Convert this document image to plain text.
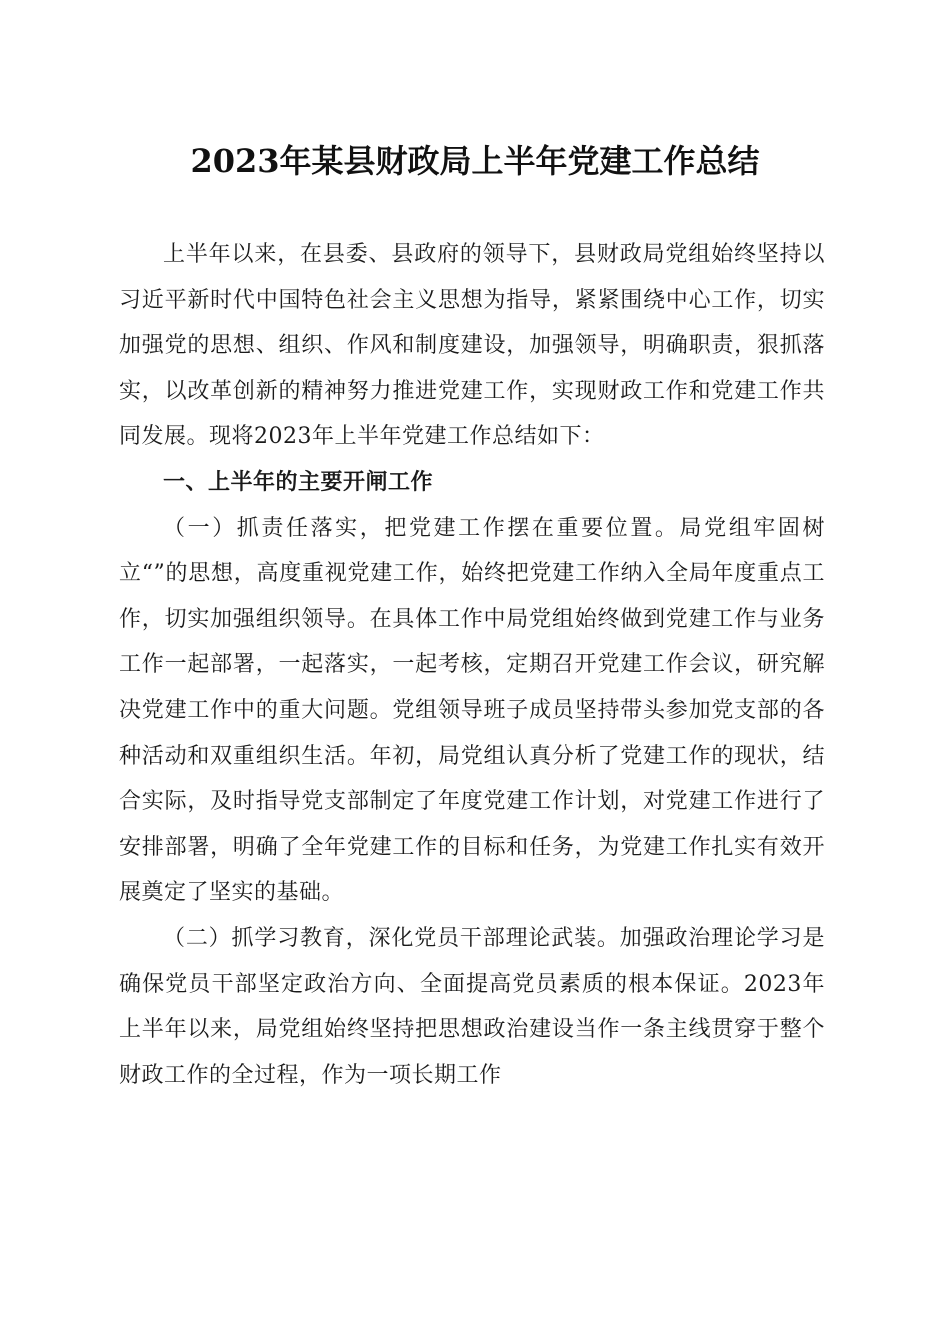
2023年某县财政局上半年党建工作总结

上半年以来，在县委、县政府的领导下，县财政局党组始终坚持以习近平新时代中国特色社会主义思想为指导，紧紧围绕中心工作，切实加强党的思想、组织、作风和制度建设，加强领导，明确职责，狠抓落实，以改革创新的精神努力推进党建工作，实现财政工作和党建工作共同发展。现将2023年上半年党建工作总结如下：

一、上半年的主要开闸工作

（一）抓责任落实，把党建工作摆在重要位置。局党组牢固树立“”的思想，高度重视党建工作，始终把党建工作纳入全局年度重点工作，切实加强组织领导。在具体工作中局党组始终做到党建工作与业务工作一起部署，一起落实，一起考核，定期召开党建工作会议，研究解决党建工作中的重大问题。党组领导班子成员坚持带头参加党支部的各种活动和双重组织生活。年初，局党组认真分析了党建工作的现状，结合实际，及时指导党支部制定了年度党建工作计划，对党建工作进行了安排部署，明确了全年党建工作的目标和任务，为党建工作扎实有效开展奠定了坚实的基础。

（二）抓学习教育，深化党员干部理论武装。加强政治理论学习是确保党员干部坚定政治方向、全面提高党员素质的根本保证。2023年上半年以来，局党组始终坚持把思想政治建设当作一条主线贯穿于整个财政工作的全过程，作为一项长期工作
